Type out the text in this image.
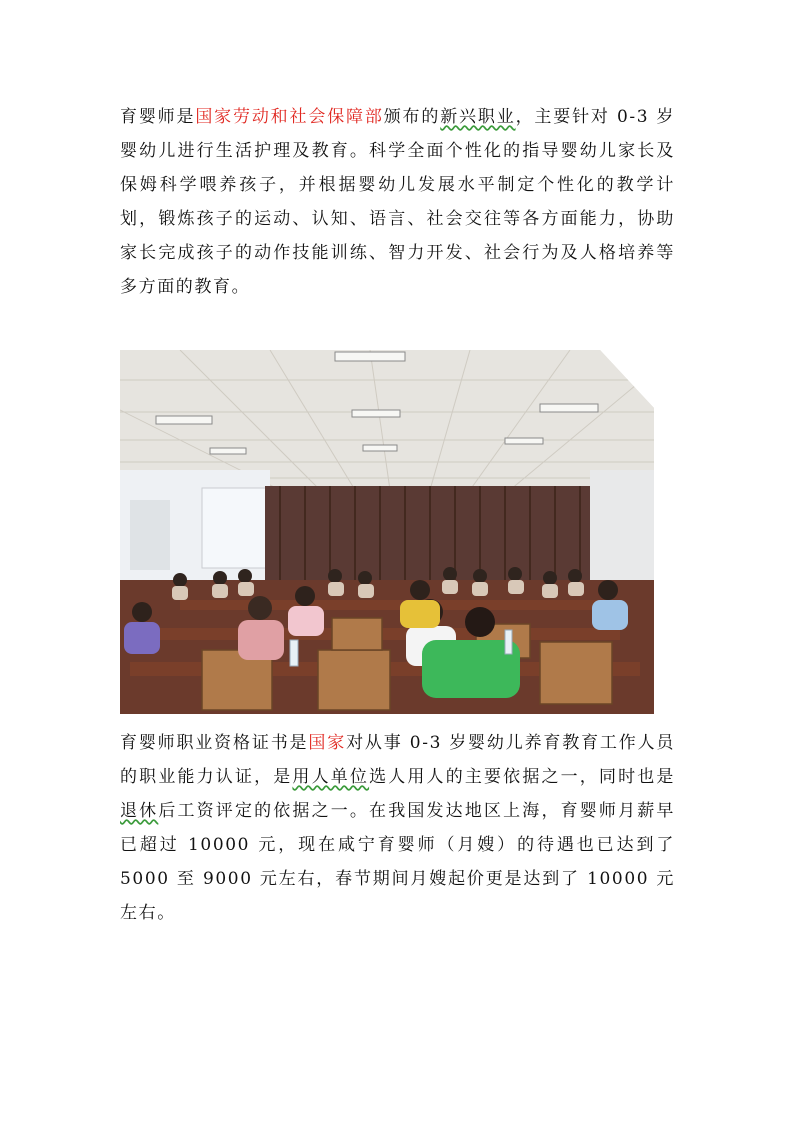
育婴师是国家劳动和社会保障部颁布的新兴职业，主要针对 0-3 岁婴幼儿进行生活护理及教育。科学全面个性化的指导婴幼儿家长及保姆科学喂养孩子，并根据婴幼儿发展水平制定个性化的教学计划，锻炼孩子的运动、认知、语言、社会交往等各方面能力，协助家长完成孩子的动作技能训练、智力开发、社会行为及人格培养等多方面的教育。

育婴师职业资格证书是国家对从事 0-3 岁婴幼儿养育教育工作人员的职业能力认证，是用人单位选人用人的主要依据之一，同时也是退休后工资评定的依据之一。在我国发达地区上海，育婴师月薪早已超过 10000 元，现在咸宁育婴师（月嫂）的待遇也已达到了 5000 至 9000 元左右，春节期间月嫂起价更是达到了 10000 元左右。
